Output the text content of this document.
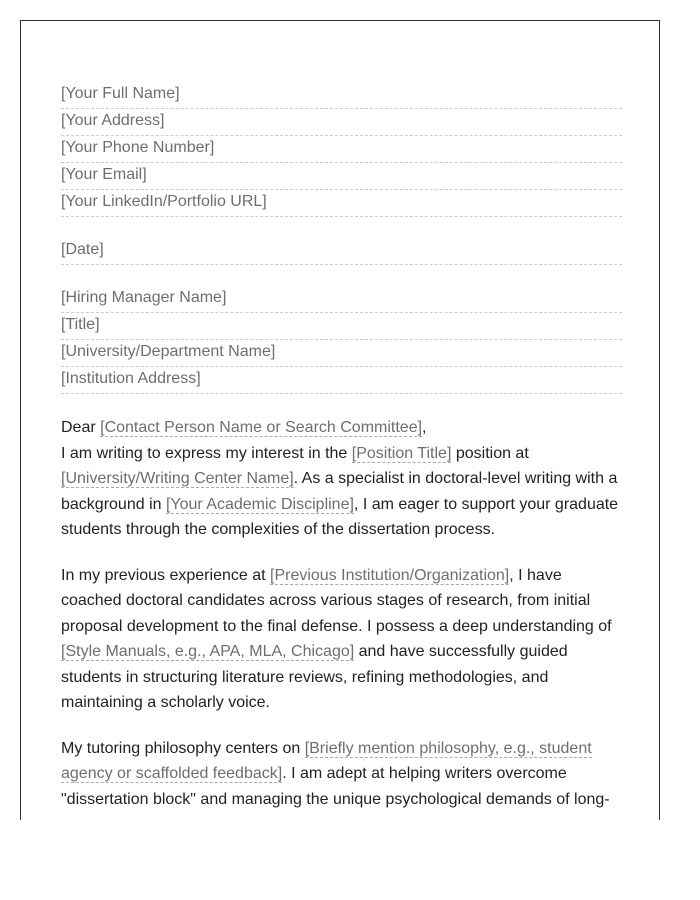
[Your Full Name]
[Your Address]
[Your Phone Number]
[Your Email]
[Your LinkedIn/Portfolio URL]
[Date]
[Hiring Manager Name]
[Title]
[University/Department Name]
[Institution Address]

Dear [Contact Person Name or Search Committee],
I am writing to express my interest in the [Position Title] position at [University/Writing Center Name]. As a specialist in doctoral-level writing with a background in [Your Academic Discipline], I am eager to support your graduate students through the complexities of the dissertation process.

In my previous experience at [Previous Institution/Organization], I have coached doctoral candidates across various stages of research, from initial proposal development to the final defense. I possess a deep understanding of [Style Manuals, e.g., APA, MLA, Chicago] and have successfully guided students in structuring literature reviews, refining methodologies, and maintaining a scholarly voice.

My tutoring philosophy centers on [Briefly mention philosophy, e.g., student agency or scaffolded feedback]. I am adept at helping writers overcome "dissertation block" and managing the unique psychological demands of long-
